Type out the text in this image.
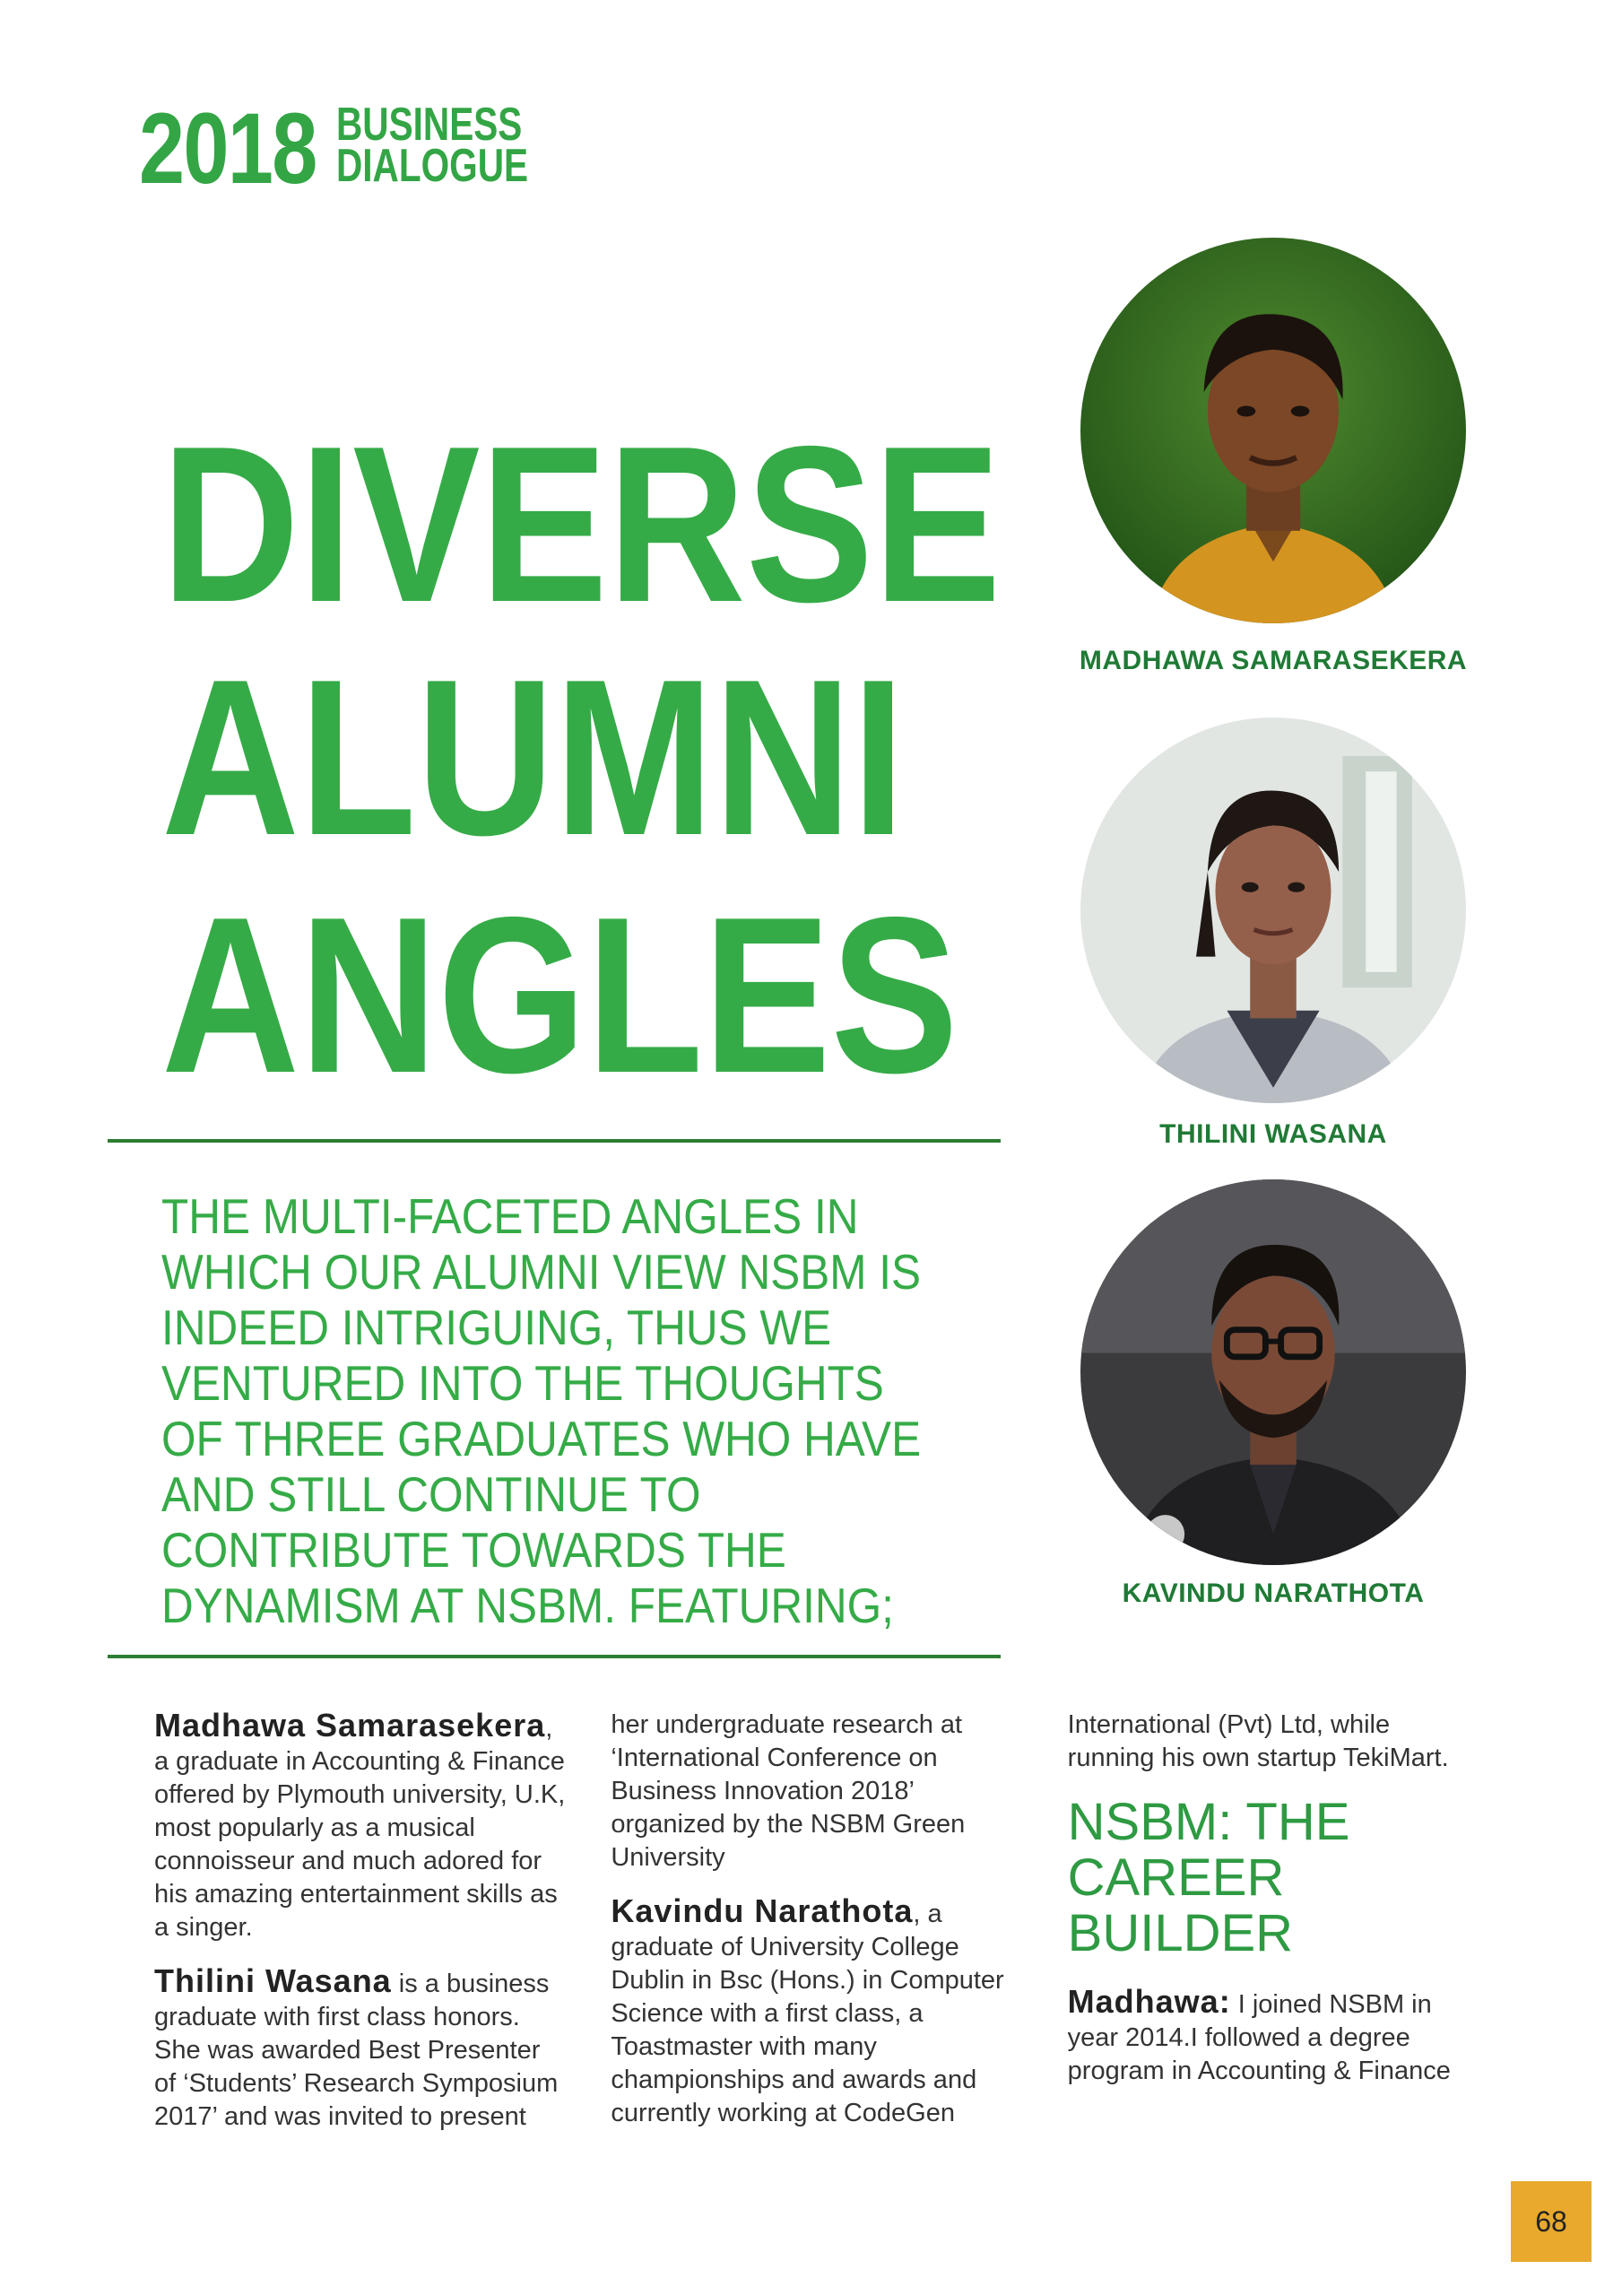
2018 BUSINESS
DIALOGUE
DIVERSE
ALUMNI
ANGLES

THE MULTI-FACETED ANGLES IN WHICH OUR ALUMNI VIEW NSBM IS INDEED INTRIGUING, THUS WE VENTURED INTO THE THOUGHTS OF THREE GRADUATES WHO HAVE AND STILL CONTINUE TO CONTRIBUTE TOWARDS THE DYNAMISM AT NSBM. FEATURING;

MADHAWA SAMARASEKERA
THILINI WASANA
KAVINDU NARATHOTA

Madhawa Samarasekera, a graduate in Accounting & Finance offered by Plymouth university, U.K, most popularly as a musical connoisseur and much adored for his amazing entertainment skills as a singer.

Thilini Wasana is a business graduate with first class honors. She was awarded Best Presenter of ‘Students’ Research Symposium 2017’ and was invited to present her undergraduate research at ‘International Conference on Business Innovation 2018’ organized by the NSBM Green University

Kavindu Narathota, a graduate of University College Dublin in Bsc (Hons.) in Computer Science with a first class, a Toastmaster with many championships and awards and currently working at CodeGen International (Pvt) Ltd, while running his own startup TekiMart.

NSBM: THE CAREER BUILDER

Madhawa: I joined NSBM in year 2014.I followed a degree program in Accounting & Finance

68
